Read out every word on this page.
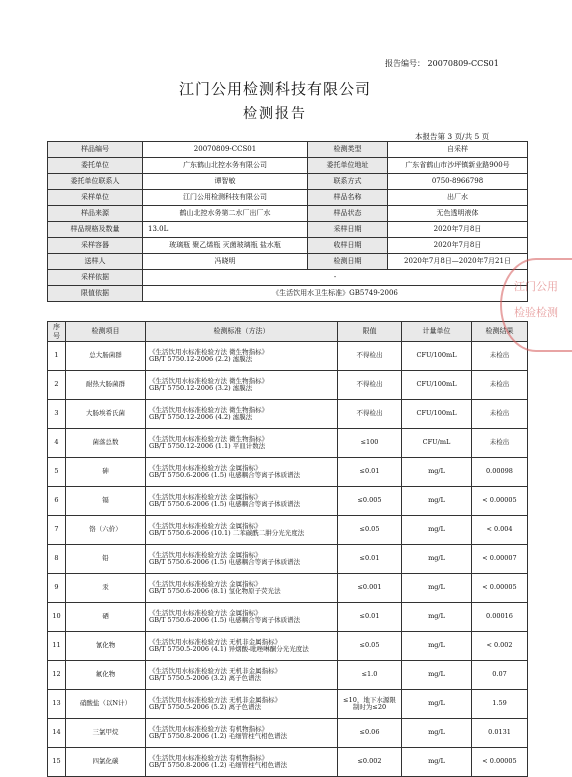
报告编号： 20070809-CCS01
江门公用检测科技有限公司
检测报告
本报告第 3 页/共 5 页
样品编号	20070809-CCS01	检测类型	自采样
委托单位	广东鹤山北控水务有限公司	委托单位地址	广东省鹤山市沙坪镇新业路900号
委托单位联系人	谭智敏	联系方式	0750-8966798
采样单位	江门公用检测科技有限公司	样品名称	出厂水
样品来源	鹤山北控水务第二水厂出厂水	样品状态	无色透明液体
样品规格及数量	13.0L	采样日期	2020年7月8日
采样容器	玻璃瓶 聚乙烯瓶 灭菌玻璃瓶 盐水瓶	收样日期	2020年7月8日
送样人	冯晓明	检测日期	2020年7月8日—2020年7月21日
采样依据	-		
限值依据	《生活饮用水卫生标准》GB5749-2006		
序号	检测项目	检测标准（方法）	限值	计量单位	检测结果
1	总大肠菌群	《生活饮用水标准检验方法 微生物指标》
GB/T 5750.12-2006 (2.2) 滤膜法	不得检出	CFU/100mL	未检出
2	耐热大肠菌群	《生活饮用水标准检验方法 微生物指标》
GB/T 5750.12-2006 (3.2) 滤膜法	不得检出	CFU/100mL	未检出
3	大肠埃希氏菌	《生活饮用水标准检验方法 微生物指标》
GB/T 5750.12-2006 (4.2) 滤膜法	不得检出	CFU/100mL	未检出
4	菌落总数	《生活饮用水标准检验方法 微生物指标》
GB/T 5750.12-2006 (1.1) 平皿计数法	≤100	CFU/mL	未检出
5	砷	《生活饮用水标准检验方法 金属指标》
GB/T 5750.6-2006 (1.5) 电感耦合等离子体质谱法	≤0.01	mg/L	0.00098
6	镉	《生活饮用水标准检验方法 金属指标》
GB/T 5750.6-2006 (1.5) 电感耦合等离子体质谱法	≤0.005	mg/L	< 0.00005
7	铬（六价）	《生活饮用水标准检验方法 金属指标》
GB/T 5750.6-2006 (10.1) 二苯碳酰二肼分光光度法	≤0.05	mg/L	< 0.004
8	铅	《生活饮用水标准检验方法 金属指标》
GB/T 5750.6-2006 (1.5) 电感耦合等离子体质谱法	≤0.01	mg/L	< 0.00007
9	汞	《生活饮用水标准检验方法 金属指标》
GB/T 5750.6-2006 (8.1) 氢化物原子荧光法	≤0.001	mg/L	< 0.00005
10	硒	《生活饮用水标准检验方法 金属指标》
GB/T 5750.6-2006 (1.5) 电感耦合等离子体质谱法	≤0.01	mg/L	0.00016
11	氰化物	《生活饮用水标准检验方法 无机非金属指标》
GB/T 5750.5-2006 (4.1) 异烟酸-吡唑啉酮分光光度法	≤0.05	mg/L	< 0.002
12	氟化物	《生活饮用水标准检验方法 无机非金属指标》
GB/T 5750.5-2006 (3.2) 离子色谱法	≤1.0	mg/L	0.07
13	硝酸盐（以N计）	《生活饮用水标准检验方法 无机非金属指标》
GB/T 5750.5-2006 (5.2) 离子色谱法	≤10，地下水源限制时为≤20	mg/L	1.59
14	三氯甲烷	《生活饮用水标准检验方法 有机物指标》
GB/T 5750.8-2006 (1.2) 毛细管柱气相色谱法	≤0.06	mg/L	0.0131
15	四氯化碳	《生活饮用水标准检验方法 有机物指标》
GB/T 5750.8-2006 (1.2) 毛细管柱气相色谱法	≤0.002	mg/L	< 0.00005
江门公用
检验检测
